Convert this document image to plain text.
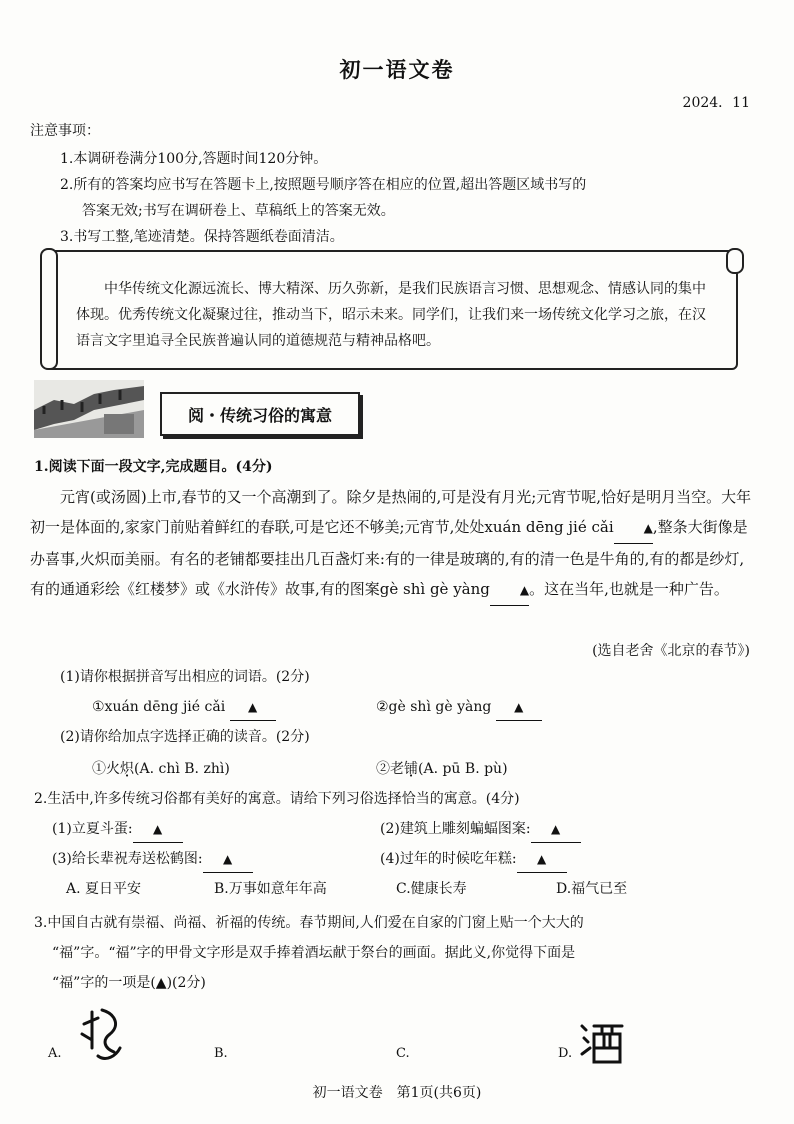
初一语文卷
2024．11
注意事项：
1.本调研卷满分100分,答题时间120分钟。
2.所有的答案均应书写在答题卡上,按照题号顺序答在相应的位置,超出答题区域书写的
答案无效;书写在调研卷上、草稿纸上的答案无效。
3.书写工整,笔迹清楚。保持答题纸卷面清洁。
中华传统文化源远流长、博大精深、历久弥新，是我们民族语言习惯、思想观念、情感认同的集中体现。优秀传统文化凝聚过往，推动当下，昭示未来。同学们，让我们来一场传统文化学习之旅，在汉语言文字里追寻全民族普遍认同的道德规范与精神品格吧。
阅・传统习俗的寓意
1.阅读下面一段文字,完成题目。(4分)
元宵(或汤圆)上市,春节的又一个高潮到了。除夕是热闹的,可是没有月光;元宵节呢,恰好是明月当空。大年初一是体面的,家家门前贴着鲜红的春联,可是它还不够美;元宵节,处处xuán dēng jié cǎi	▲,整条大街像是办喜事,火炽而美丽。有名的老铺都要挂出几百盏灯来:有的一律是玻璃的,有的清一色是牛角的,有的都是纱灯,有的通通彩绘《红楼梦》或《水浒传》故事,有的图案gè shì gè yàng	▲。这在当年,也就是一种广告。
(选自老舍《北京的春节》)
(1)请你根据拼音写出相应的词语。(2分)
①xuán dēng jié cǎi ▲	②gè shì gè yàng ▲
(2)请你给加点字选择正确的读音。(2分)
①火炽(A. chì B. zhì)	②老铺(A. pū B. pù)
2.生活中,许多传统习俗都有美好的寓意。请给下列习俗选择恰当的寓意。(4分)
(1)立夏斗蛋: ▲	(2)建筑上雕刻蝙蝠图案: ▲
(3)给长辈祝寿送松鹤图: ▲	(4)过年的时候吃年糕: ▲
A. 夏日平安	B.万事如意年年高	C.健康长寿	D.福气已至
3.中国自古就有崇福、尚福、祈福的传统。春节期间,人们爱在自家的门窗上贴一个大大的
“福”字。“福”字的甲骨文字形是双手捧着酒坛献于祭台的画面。据此义,你觉得下面是
“福”字的一项是(▲)(2分)
A.	B.	C.	D.
初一语文卷　第1页(共6页)
